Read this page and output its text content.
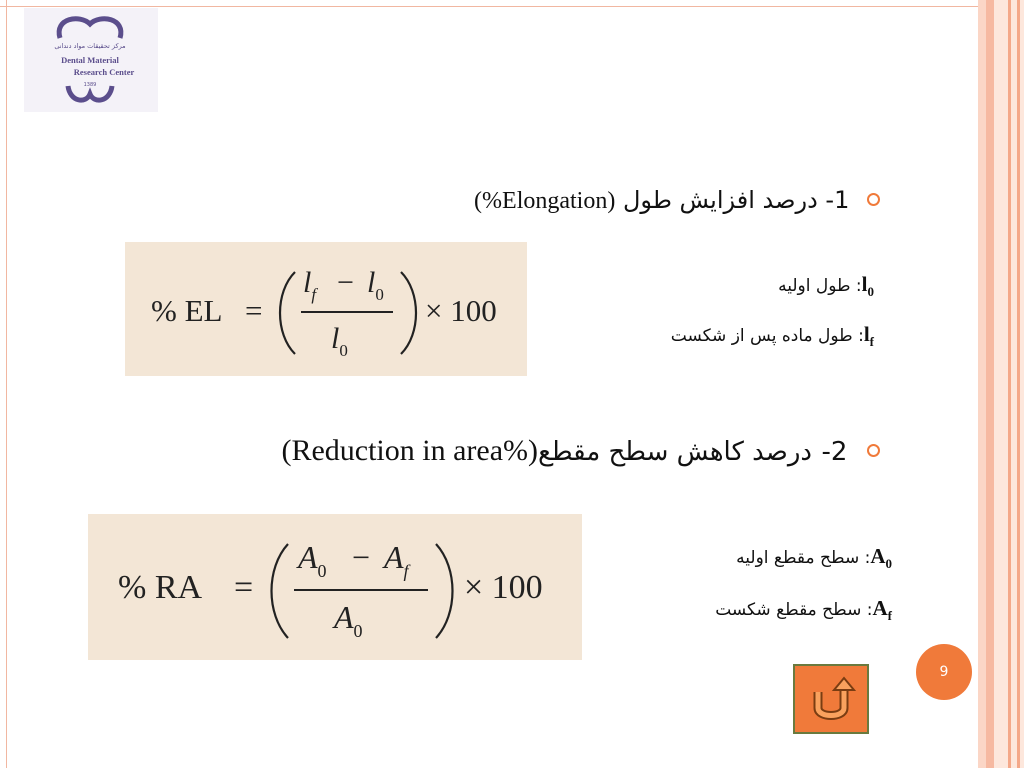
مرکز تحقیقات مواد دندانی
Dental Material
Research Center
1389
1- درصد افزایش طول (%Elongation)
% EL =
$l_f - l_0$
$l_0$
× 100
$l_0$: طول اولیه
$l_f$: طول ماده پس از شکست
2- درصد کاهش سطح مقطع(Reduction in area%)
% RA =
$A_0 - A_f$
$A_0$
× 100
$A_0$: سطح مقطع اولیه
$A_f$: سطح مقطع شکست
9
